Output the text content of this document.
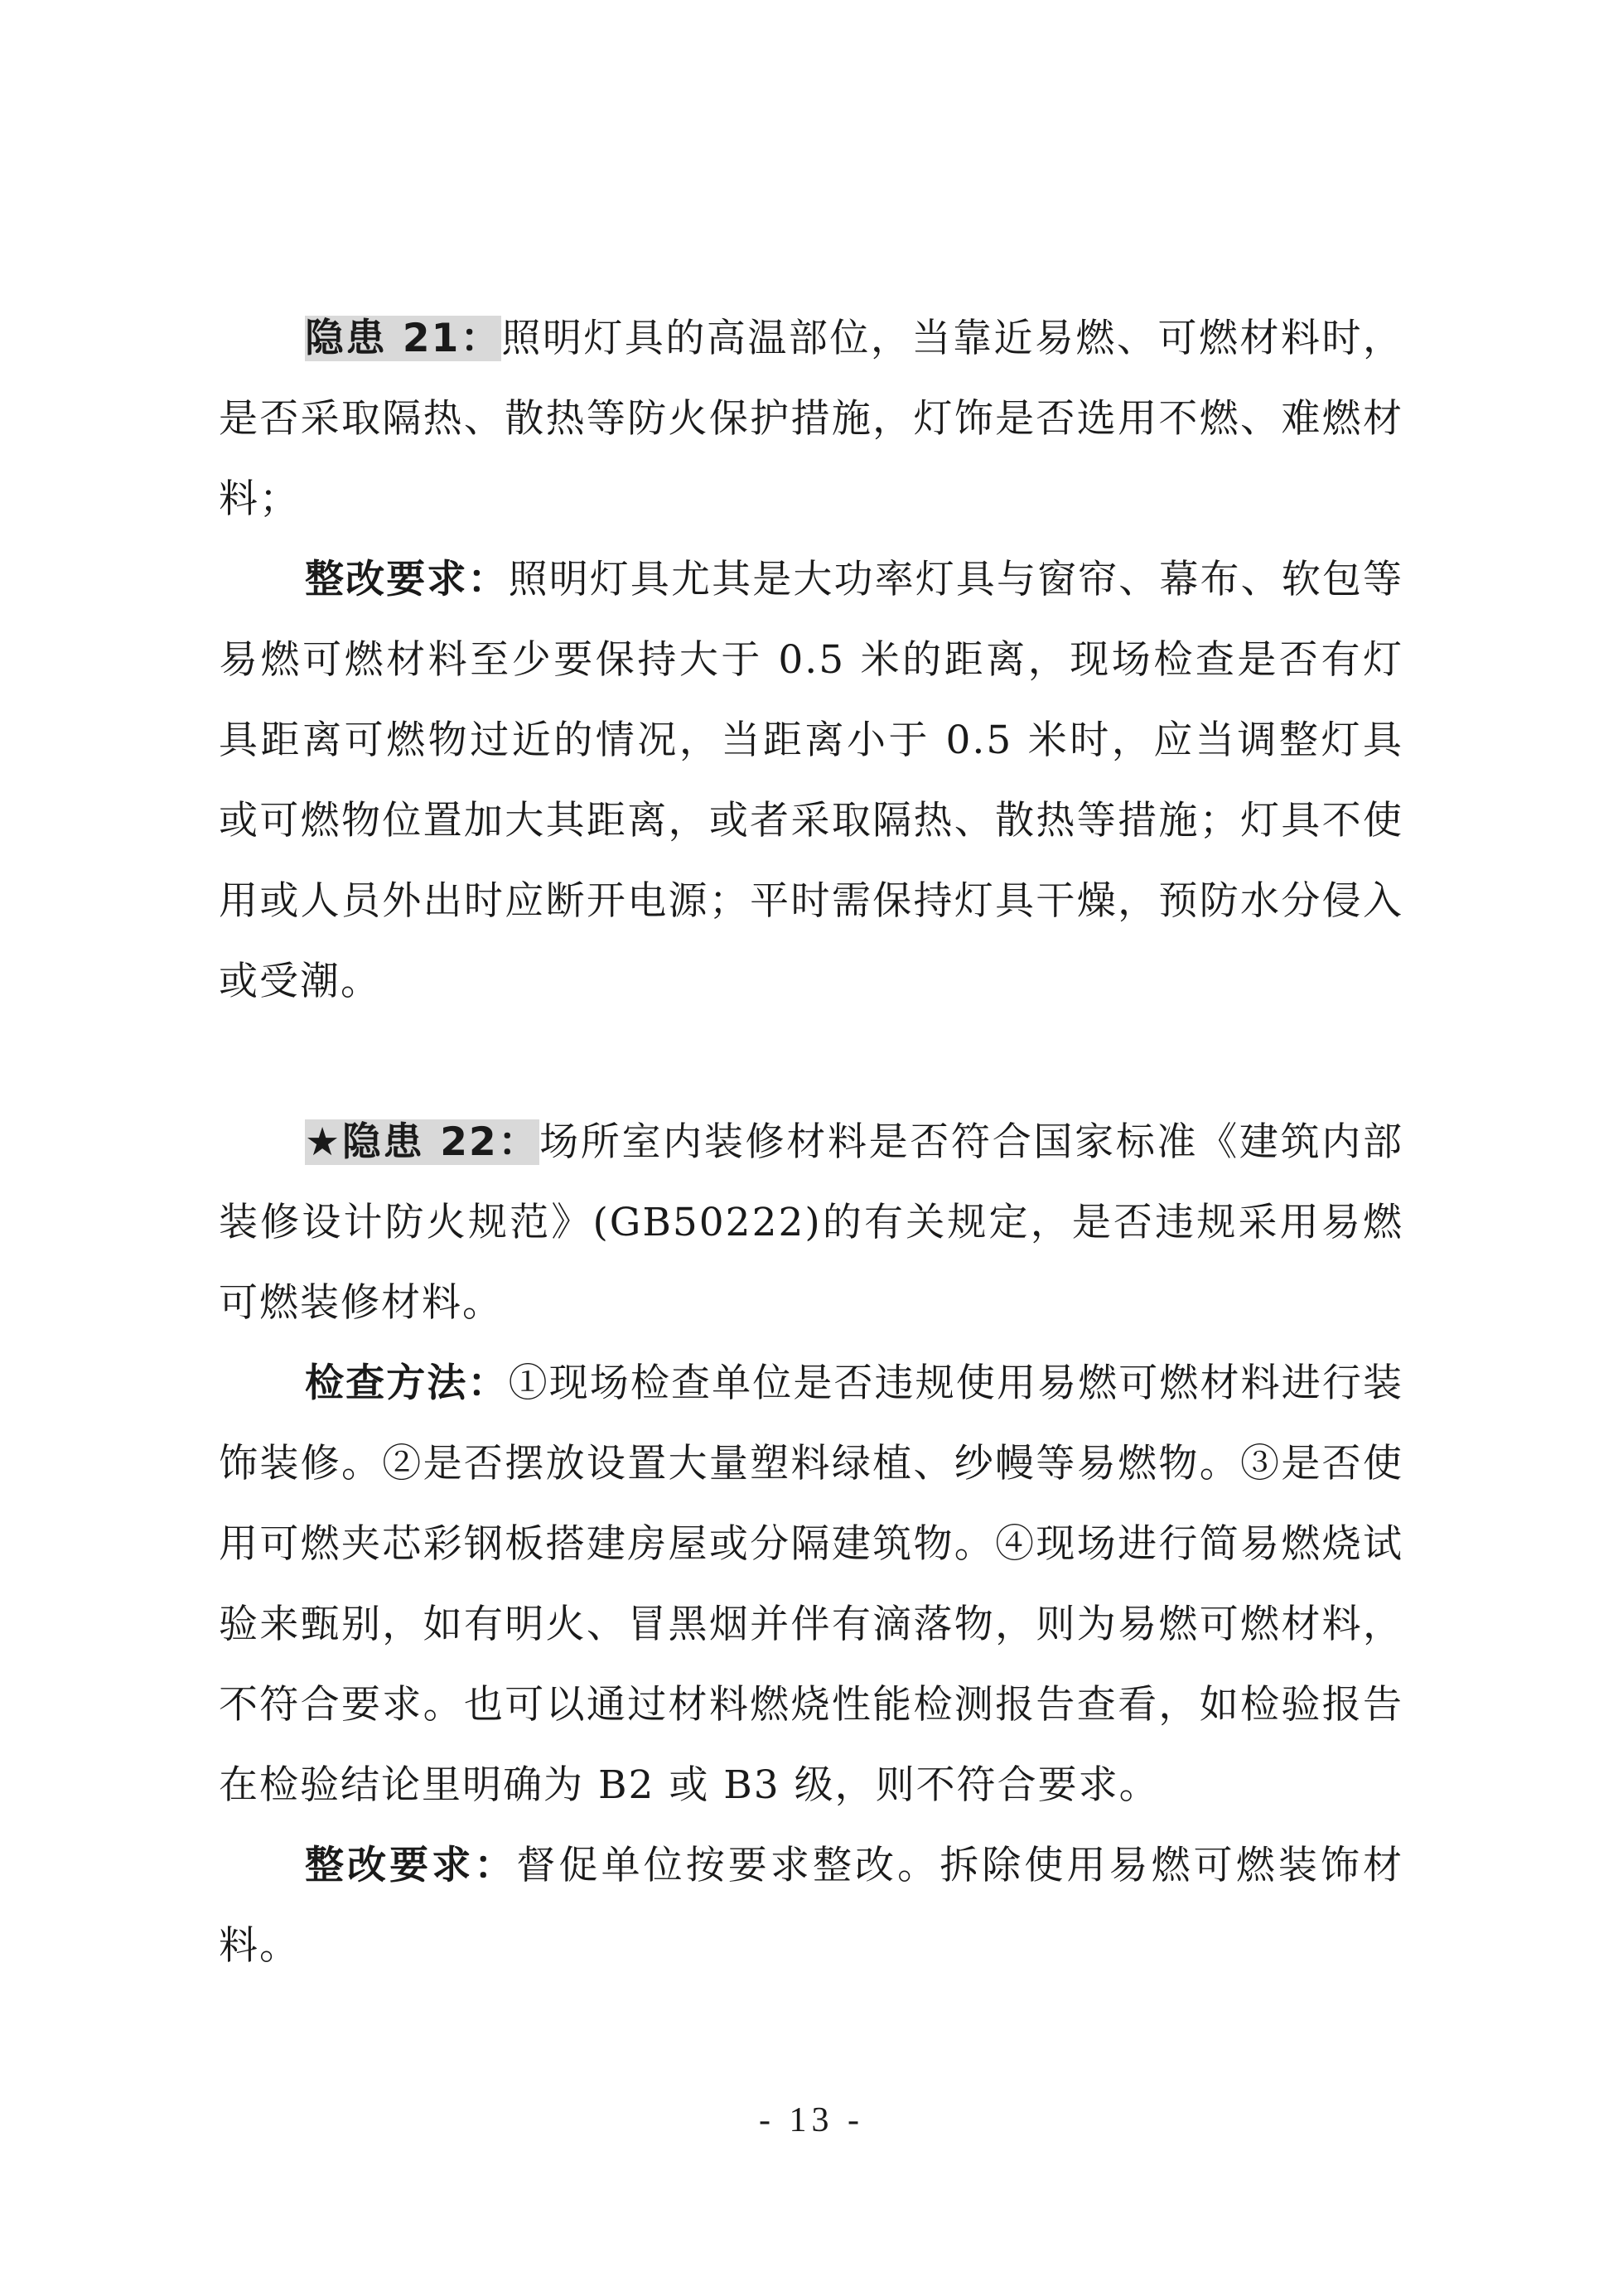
隐患 21：照明灯具的高温部位，当靠近易燃、可燃材料时，是否采取隔热、散热等防火保护措施，灯饰是否选用不燃、难燃材料；

整改要求：照明灯具尤其是大功率灯具与窗帘、幕布、软包等易燃可燃材料至少要保持大于 0.5 米的距离，现场检查是否有灯具距离可燃物过近的情况，当距离小于 0.5 米时，应当调整灯具或可燃物位置加大其距离，或者采取隔热、散热等措施；灯具不使用或人员外出时应断开电源；平时需保持灯具干燥，预防水分侵入或受潮。

★隐患 22：场所室内装修材料是否符合国家标准《建筑内部装修设计防火规范》(GB50222)的有关规定，是否违规采用易燃可燃装修材料。

检查方法：①现场检查单位是否违规使用易燃可燃材料进行装饰装修。②是否摆放设置大量塑料绿植、纱幔等易燃物。③是否使用可燃夹芯彩钢板搭建房屋或分隔建筑物。④现场进行简易燃烧试验来甄别，如有明火、冒黑烟并伴有滴落物，则为易燃可燃材料，不符合要求。也可以通过材料燃烧性能检测报告查看，如检验报告在检验结论里明确为 B2 或 B3 级，则不符合要求。

整改要求：督促单位按要求整改。拆除使用易燃可燃装饰材料。

- 13 -
